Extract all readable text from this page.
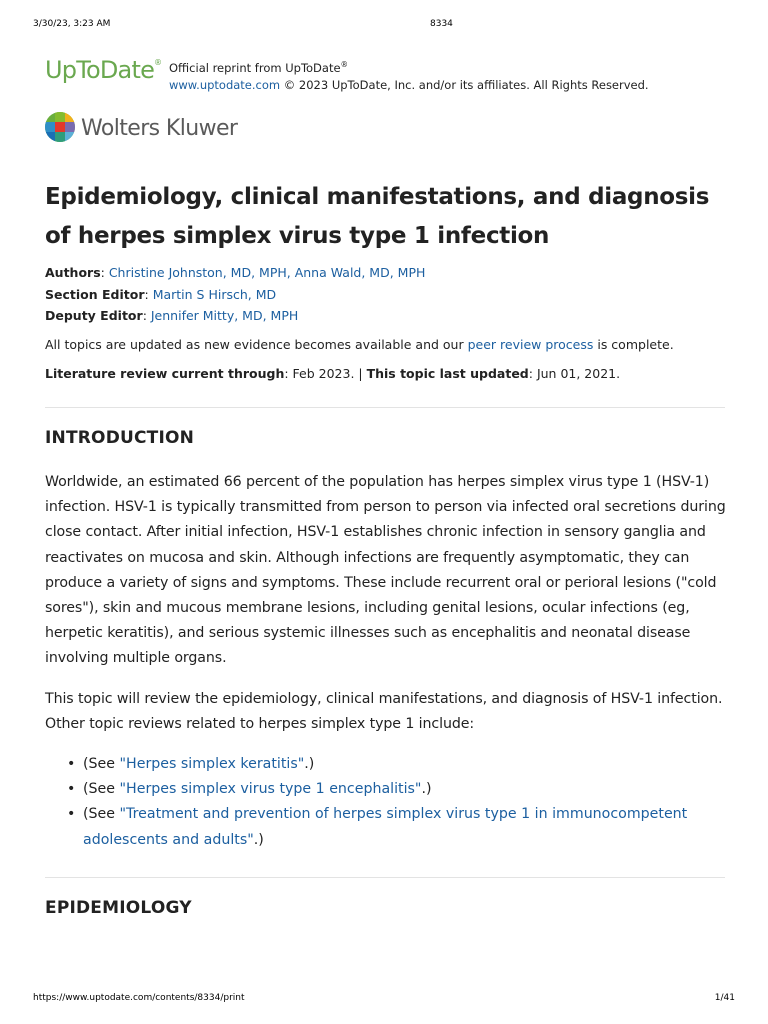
3/30/23, 3:23 AM	8334
UpToDate® Official reprint from UpToDate®
www.uptodate.com © 2023 UpToDate, Inc. and/or its affiliates. All Rights Reserved.
Wolters Kluwer
Epidemiology, clinical manifestations, and diagnosis of herpes simplex virus type 1 infection
Authors: Christine Johnston, MD, MPH, Anna Wald, MD, MPH
Section Editor: Martin S Hirsch, MD
Deputy Editor: Jennifer Mitty, MD, MPH
All topics are updated as new evidence becomes available and our peer review process is complete.
Literature review current through: Feb 2023. | This topic last updated: Jun 01, 2021.
INTRODUCTION

Worldwide, an estimated 66 percent of the population has herpes simplex virus type 1 (HSV-1) infection. HSV-1 is typically transmitted from person to person via infected oral secretions during close contact. After initial infection, HSV-1 establishes chronic infection in sensory ganglia and reactivates on mucosa and skin. Although infections are frequently asymptomatic, they can produce a variety of signs and symptoms. These include recurrent oral or perioral lesions ("cold sores"), skin and mucous membrane lesions, including genital lesions, ocular infections (eg, herpetic keratitis), and serious systemic illnesses such as encephalitis and neonatal disease involving multiple organs.

This topic will review the epidemiology, clinical manifestations, and diagnosis of HSV-1 infection. Other topic reviews related to herpes simplex type 1 include:

• (See "Herpes simplex keratitis".)
• (See "Herpes simplex virus type 1 encephalitis".)
• (See "Treatment and prevention of herpes simplex virus type 1 in immunocompetent adolescents and adults".)
EPIDEMIOLOGY
https://www.uptodate.com/contents/8334/print	1/41
